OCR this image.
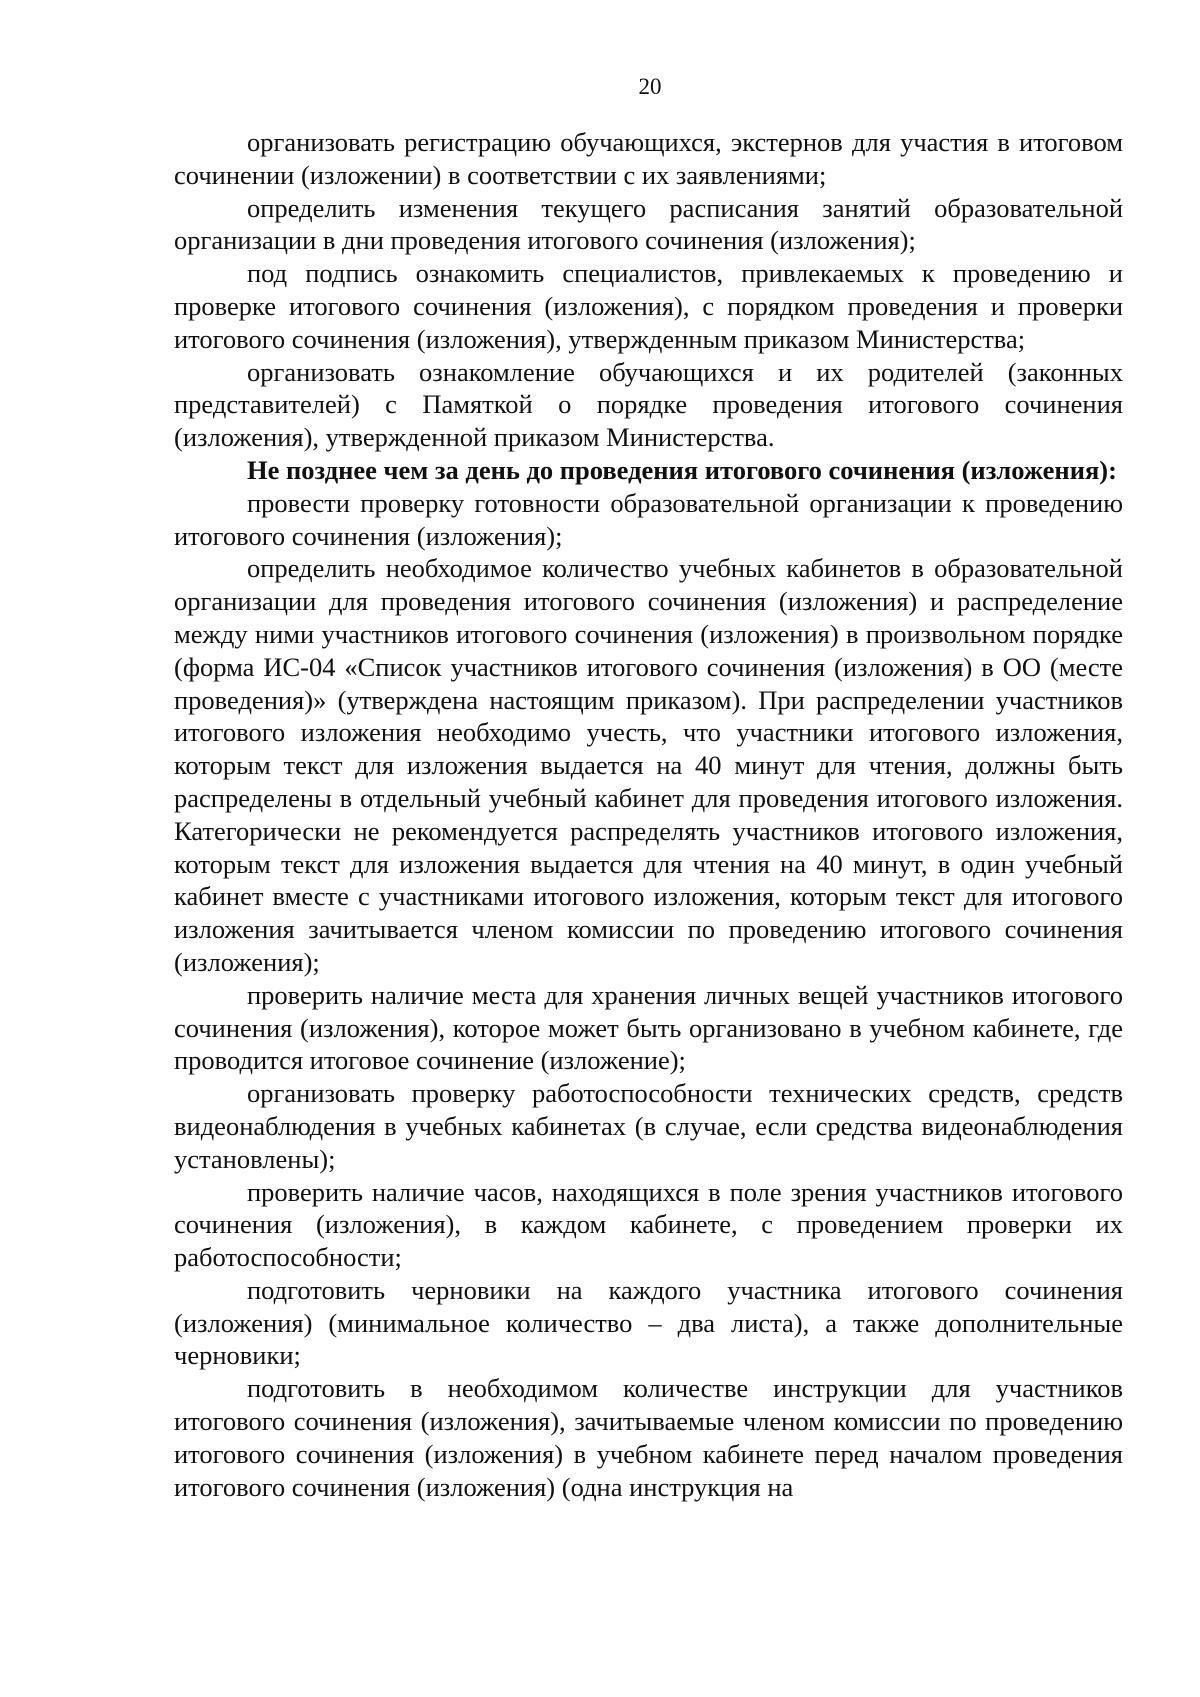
20

организовать регистрацию обучающихся, экстернов для участия в итоговом сочинении (изложении) в соответствии с их заявлениями;

определить изменения текущего расписания занятий образовательной организации в дни проведения итогового сочинения (изложения);

под подпись ознакомить специалистов, привлекаемых к проведению и проверке итогового сочинения (изложения), с порядком проведения и проверки итогового сочинения (изложения), утвержденным приказом Министерства;

организовать ознакомление обучающихся и их родителей (законных представителей) с Памяткой о порядке проведения итогового сочинения (изложения), утвержденной приказом Министерства.

Не позднее чем за день до проведения итогового сочинения (изложения):

провести проверку готовности образовательной организации к проведению итогового сочинения (изложения);

определить необходимое количество учебных кабинетов в образовательной организации для проведения итогового сочинения (изложения) и распределение между ними участников итогового сочинения (изложения) в произвольном порядке (форма ИС-04 «Список участников итогового сочинения (изложения) в ОО (месте проведения)» (утверждена настоящим приказом). При распределении участников итогового изложения необходимо учесть, что участники итогового изложения, которым текст для изложения выдается на 40 минут для чтения, должны быть распределены в отдельный учебный кабинет для проведения итогового изложения. Категорически не рекомендуется распределять участников итогового изложения, которым текст для изложения выдается для чтения на 40 минут, в один учебный кабинет вместе с участниками итогового изложения, которым текст для итогового изложения зачитывается членом комиссии по проведению итогового сочинения (изложения);

проверить наличие места для хранения личных вещей участников итогового сочинения (изложения), которое может быть организовано в учебном кабинете, где проводится итоговое сочинение (изложение);

организовать проверку работоспособности технических средств, средств видеонаблюдения в учебных кабинетах (в случае, если средства видеонаблюдения установлены);

проверить наличие часов, находящихся в поле зрения участников итогового сочинения (изложения), в каждом кабинете, с проведением проверки их работоспособности;

подготовить черновики на каждого участника итогового сочинения (изложения) (минимальное количество – два листа), а также дополнительные черновики;

подготовить в необходимом количестве инструкции для участников итогового сочинения (изложения), зачитываемые членом комиссии по проведению итогового сочинения (изложения) в учебном кабинете перед началом проведения итогового сочинения (изложения) (одна инструкция на
